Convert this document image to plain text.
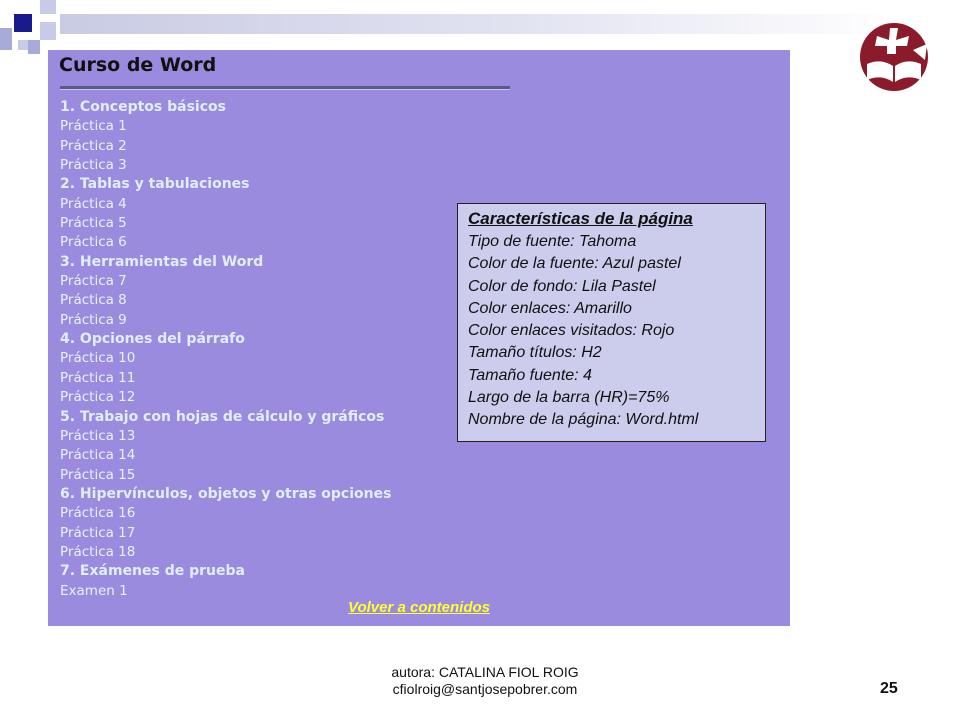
Curso de Word
1. Conceptos básicos
Práctica 1
Práctica 2
Práctica 3
2. Tablas y tabulaciones
Práctica 4
Práctica 5
Práctica 6
3. Herramientas del Word
Práctica 7
Práctica 8
Práctica 9
4. Opciones del párrafo
Práctica 10
Práctica 11
Práctica 12
5. Trabajo con hojas de cálculo y gráficos
Práctica 13
Práctica 14
Práctica 15
6. Hipervínculos, objetos y otras opciones
Práctica 16
Práctica 17
Práctica 18
7. Exámenes de prueba
Examen 1
Volver a contenidos
Características de la página
Tipo de fuente: Tahoma
Color de la fuente: Azul pastel
Color de fondo: Lila Pastel
Color enlaces: Amarillo
Color enlaces visitados: Rojo
Tamaño títulos: H2
Tamaño fuente: 4
Largo de la barra (HR)=75%
Nombre de la página: Word.html
autora: CATALINA FIOL ROIG
cfiolroig@santjosepobrer.com	25
